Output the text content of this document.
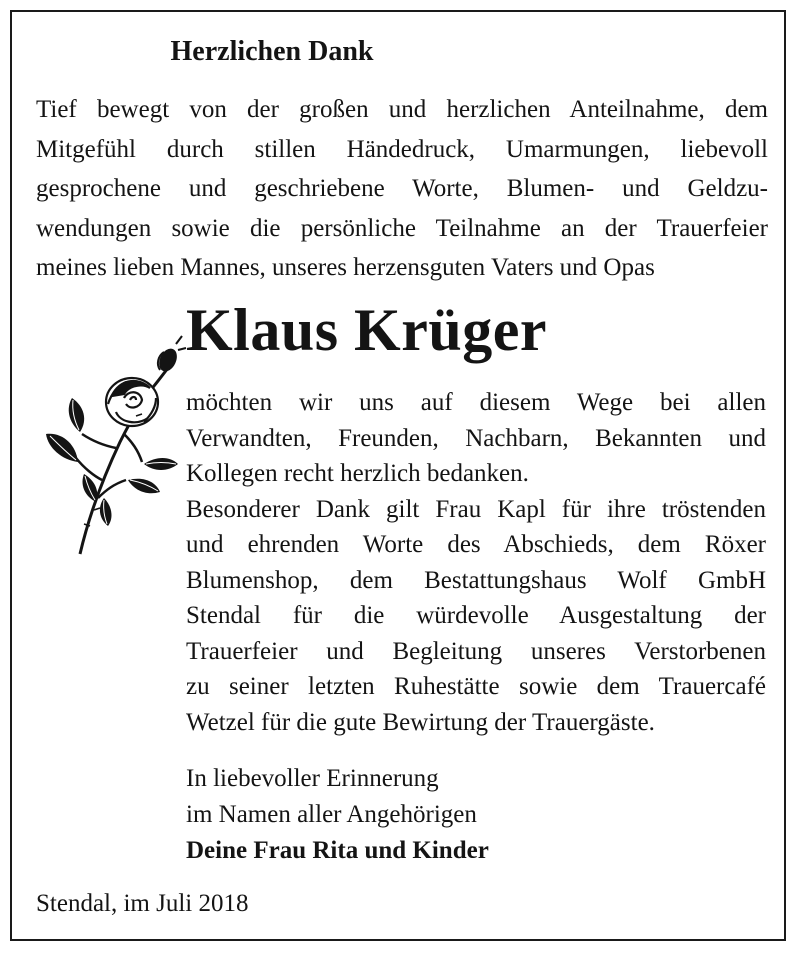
Herzlichen Dank
Tief bewegt von der großen und herzlichen Anteilnahme, dem
Mitgefühl durch stillen Händedruck, Umarmungen, liebevoll
gesprochene und geschriebene Worte, Blumen- und Geldzu-
wendungen sowie die persönliche Teilnahme an der Trauerfeier
meines lieben Mannes, unseres herzensguten Vaters und Opas
Klaus Krüger
möchten wir uns auf diesem Wege bei allen
Verwandten, Freunden, Nachbarn, Bekannten und
Kollegen recht herzlich bedanken.
Besonderer Dank gilt Frau Kapl für ihre tröstenden
und ehrenden Worte des Abschieds, dem Röxer
Blumenshop, dem Bestattungshaus Wolf GmbH
Stendal für die würdevolle Ausgestaltung der
Trauerfeier und Begleitung unseres Verstorbenen
zu seiner letzten Ruhestätte sowie dem Trauercafé
Wetzel für die gute Bewirtung der Trauergäste.
In liebevoller Erinnerung
im Namen aller Angehörigen
Deine Frau Rita und Kinder
Stendal, im Juli 2018
